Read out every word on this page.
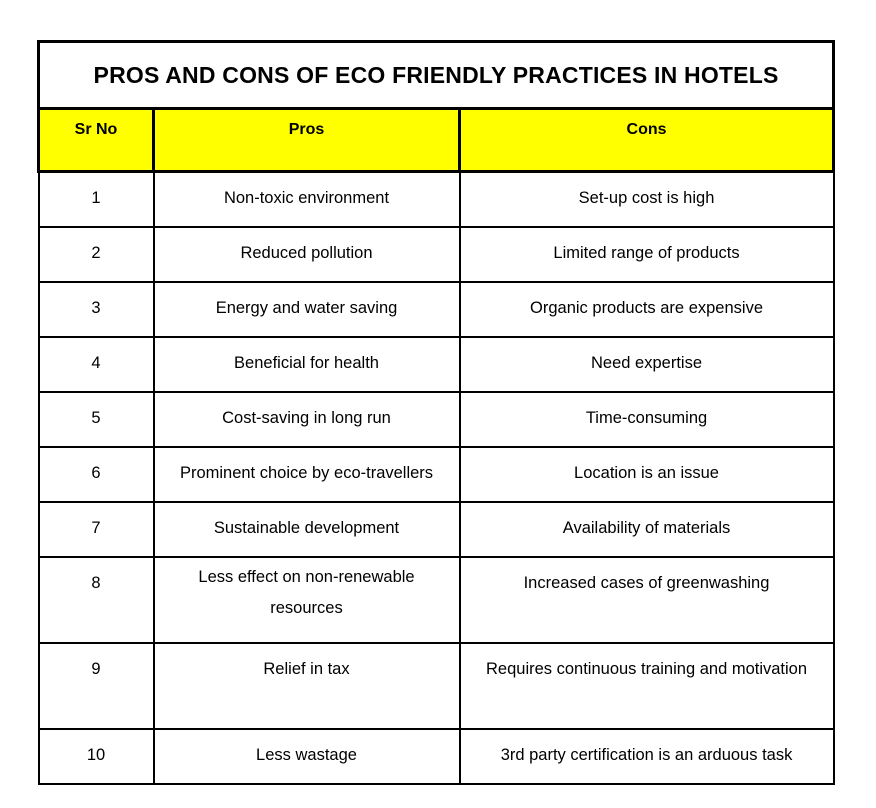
PROS AND CONS OF ECO FRIENDLY PRACTICES IN HOTELS		
Sr No	Pros	Cons
1	Non-toxic environment	Set-up cost is high
2	Reduced pollution	Limited range of products
3	Energy and water saving	Organic products are expensive
4	Beneficial for health	Need expertise
5	Cost-saving in long run	Time-consuming
6	Prominent choice by eco-travellers	Location is an issue
7	Sustainable development	Availability of materials
8	Less effect on non-renewable resources	Increased cases of greenwashing
9	Relief in tax	Requires continuous training and motivation
10	Less wastage	3rd party certification is an arduous task
